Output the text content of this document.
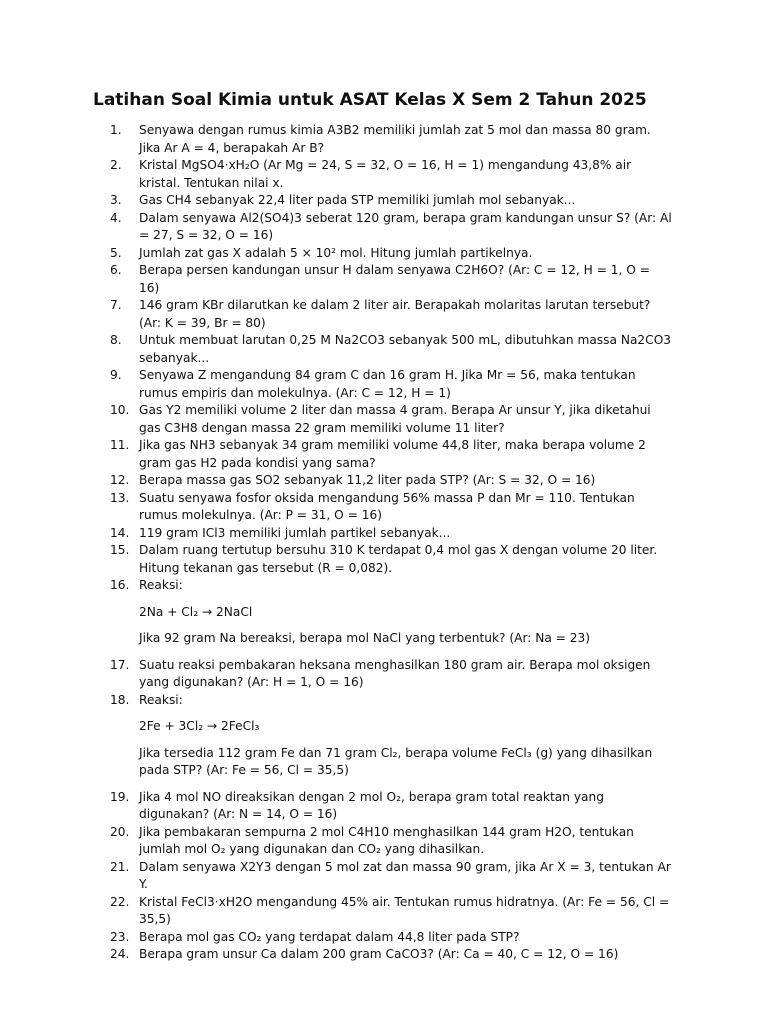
Latihan Soal Kimia untuk ASAT Kelas X Sem 2 Tahun 2025
1.	Senyawa dengan rumus kimia A3B2 memiliki jumlah zat 5 mol dan massa 80 gram. Jika Ar A = 4, berapakah Ar B?
2.	Kristal MgSO4·xH₂O (Ar Mg = 24, S = 32, O = 16, H = 1) mengandung 43,8% air kristal. Tentukan nilai x.
3.	Gas CH4 sebanyak 22,4 liter pada STP memiliki jumlah mol sebanyak...
4.	Dalam senyawa Al2(SO4)3 seberat 120 gram, berapa gram kandungan unsur S? (Ar: Al = 27, S = 32, O = 16)
5.	Jumlah zat gas X adalah 5 × 10² mol. Hitung jumlah partikelnya.
6.	Berapa persen kandungan unsur H dalam senyawa C2H6O? (Ar: C = 12, H = 1, O = 16)
7.	146 gram KBr dilarutkan ke dalam 2 liter air. Berapakah molaritas larutan tersebut? (Ar: K = 39, Br = 80)
8.	Untuk membuat larutan 0,25 M Na2CO3 sebanyak 500 mL, dibutuhkan massa Na2CO3 sebanyak...
9.	Senyawa Z mengandung 84 gram C dan 16 gram H. Jika Mr = 56, maka tentukan rumus empiris dan molekulnya. (Ar: C = 12, H = 1)
10. Gas Y2 memiliki volume 2 liter dan massa 4 gram. Berapa Ar unsur Y, jika diketahui gas C3H8 dengan massa 22 gram memiliki volume 11 liter?
11. Jika gas NH3 sebanyak 34 gram memiliki volume 44,8 liter, maka berapa volume 2 gram gas H2 pada kondisi yang sama?
12. Berapa massa gas SO2 sebanyak 11,2 liter pada STP? (Ar: S = 32, O = 16)
13. Suatu senyawa fosfor oksida mengandung 56% massa P dan Mr = 110. Tentukan rumus molekulnya. (Ar: P = 31, O = 16)
14. 119 gram ICl3 memiliki jumlah partikel sebanyak...
15. Dalam ruang tertutup bersuhu 310 K terdapat 0,4 mol gas X dengan volume 20 liter. Hitung tekanan gas tersebut (R = 0,082).
16. Reaksi:
2Na + Cl₂ → 2NaCl
Jika 92 gram Na bereaksi, berapa mol NaCl yang terbentuk? (Ar: Na = 23)
17. Suatu reaksi pembakaran heksana menghasilkan 180 gram air. Berapa mol oksigen yang digunakan? (Ar: H = 1, O = 16)
18. Reaksi:
2Fe + 3Cl₂ → 2FeCl₃
Jika tersedia 112 gram Fe dan 71 gram Cl₂, berapa volume FeCl₃ (g) yang dihasilkan pada STP? (Ar: Fe = 56, Cl = 35,5)
19. Jika 4 mol NO direaksikan dengan 2 mol O₂, berapa gram total reaktan yang digunakan? (Ar: N = 14, O = 16)
20. Jika pembakaran sempurna 2 mol C4H10 menghasilkan 144 gram H2O, tentukan jumlah mol O₂ yang digunakan dan CO₂ yang dihasilkan.
21. Dalam senyawa X2Y3 dengan 5 mol zat dan massa 90 gram, jika Ar X = 3, tentukan Ar Y.
22. Kristal FeCl3·xH2O mengandung 45% air. Tentukan rumus hidratnya. (Ar: Fe = 56, Cl = 35,5)
23. Berapa mol gas CO₂ yang terdapat dalam 44,8 liter pada STP?
24. Berapa gram unsur Ca dalam 200 gram CaCO3? (Ar: Ca = 40, C = 12, O = 16)
